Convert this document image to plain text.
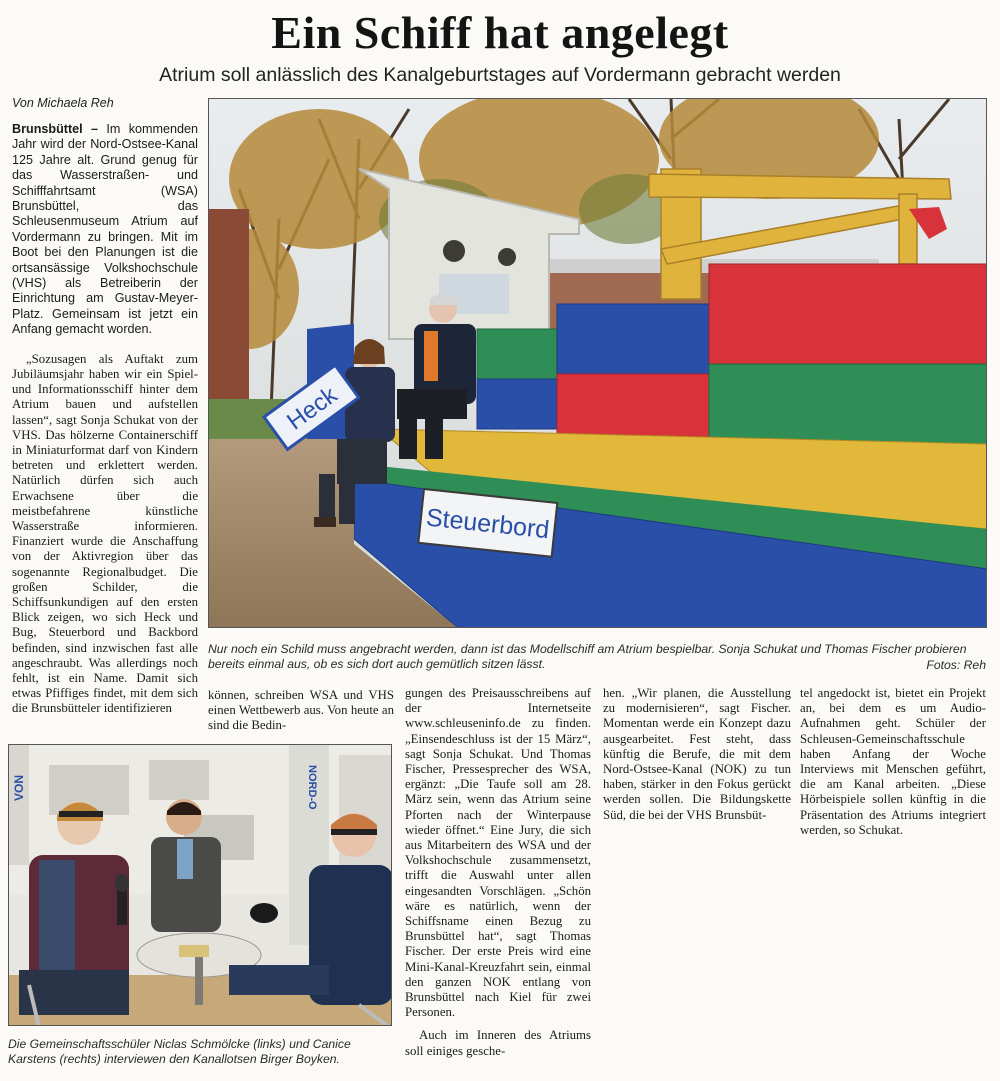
Ein Schiff hat angelegt
Atrium soll anlässlich des Kanalgeburtstages auf Vordermann gebracht werden
Von Michaela Reh

Brunsbüttel – Im kommenden Jahr wird der Nord-Ostsee-Kanal 125 Jahre alt. Grund genug für das Wasserstraßen- und Schifffahrtsamt (WSA) Brunsbüttel, das Schleusenmuseum Atrium auf Vordermann zu bringen. Mit im Boot bei den Planungen ist die ortsansässige Volkshochschule (VHS) als Betreiberin der Einrichtung am Gustav-Meyer-Platz. Gemeinsam ist jetzt ein Anfang gemacht worden.

„Sozusagen als Auftakt zum Jubiläumsjahr haben wir ein Spiel- und Informationsschiff hinter dem Atrium bauen und aufstellen lassen“, sagt Sonja Schukat von der VHS. Das hölzerne Containerschiff in Miniaturformat darf von Kindern betreten und erklettert werden. Natürlich dürfen sich auch Erwachsene über die meistbefahrene künstliche Wasserstraße informieren. Finanziert wurde die Anschaffung von der Aktivregion über das sogenannte Regionalbudget. Die großen Schilder, die Schiffsunkundigen auf den ersten Blick zeigen, wo sich Heck und Bug, Steuerbord und Backbord befinden, sind inzwischen fast alle angeschraubt. Was allerdings noch fehlt, ist ein Name. Damit sich etwas Pfiffiges findet, mit dem sich die Brunsbütteler identifizieren

Heck
Steuerbord
Nur noch ein Schild muss angebracht werden, dann ist das Modellschiff am Atrium bespielbar. Sonja Schukat und Thomas Fischer probieren bereits einmal aus, ob es sich dort auch gemütlich sitzen lässt.	Fotos: Reh

können, schreiben WSA und VHS einen Wettbewerb aus. Von heute an sind die Bedin-

gungen des Preisausschreibens auf der Internetseite www.schleuseninfo.de zu finden. „Einsendeschluss ist der 15 März“, sagt Sonja Schukat. Und Thomas Fischer, Pressesprecher des WSA, ergänzt: „Die Taufe soll am 28. März sein, wenn das Atrium seine Pforten nach der Winterpause wieder öffnet.“ Eine Jury, die sich aus Mitarbeitern des WSA und der Volkshochschule zusammensetzt, trifft die Auswahl unter allen eingesandten Vorschlägen. „Schön wäre es natürlich, wenn der Schiffsname einen Bezug zu Brunsbüttel hat“, sagt Thomas Fischer. Der erste Preis wird eine Mini-Kanal-Kreuzfahrt sein, einmal den ganzen NOK entlang von Brunsbüttel nach Kiel für zwei Personen.

Auch im Inneren des Atriums soll einiges gesche-

hen. „Wir planen, die Ausstellung zu modernisieren“, sagt Fischer. Momentan werde ein Konzept dazu ausgearbeitet. Fest steht, dass künftig die Berufe, die mit dem Nord-Ostsee-Kanal (NOK) zu tun haben, stärker in den Fokus gerückt werden sollen. Die Bildungskette Süd, die bei der VHS Brunsbüt-

tel angedockt ist, bietet ein Projekt an, bei dem es um Audio-Aufnahmen geht. Schüler der Schleusen-Gemeinschaftsschule haben Anfang der Woche Interviews mit Menschen geführt, die am Kanal arbeiten. „Diese Hörbeispiele sollen künftig in die Präsentation des Atriums integriert werden, so Schukat.

VON	NORD-O
Die Gemeinschaftsschüler Niclas Schmölcke (links) und Canice Karstens (rechts) interviewen den Kanallotsen Birger Boyken.
